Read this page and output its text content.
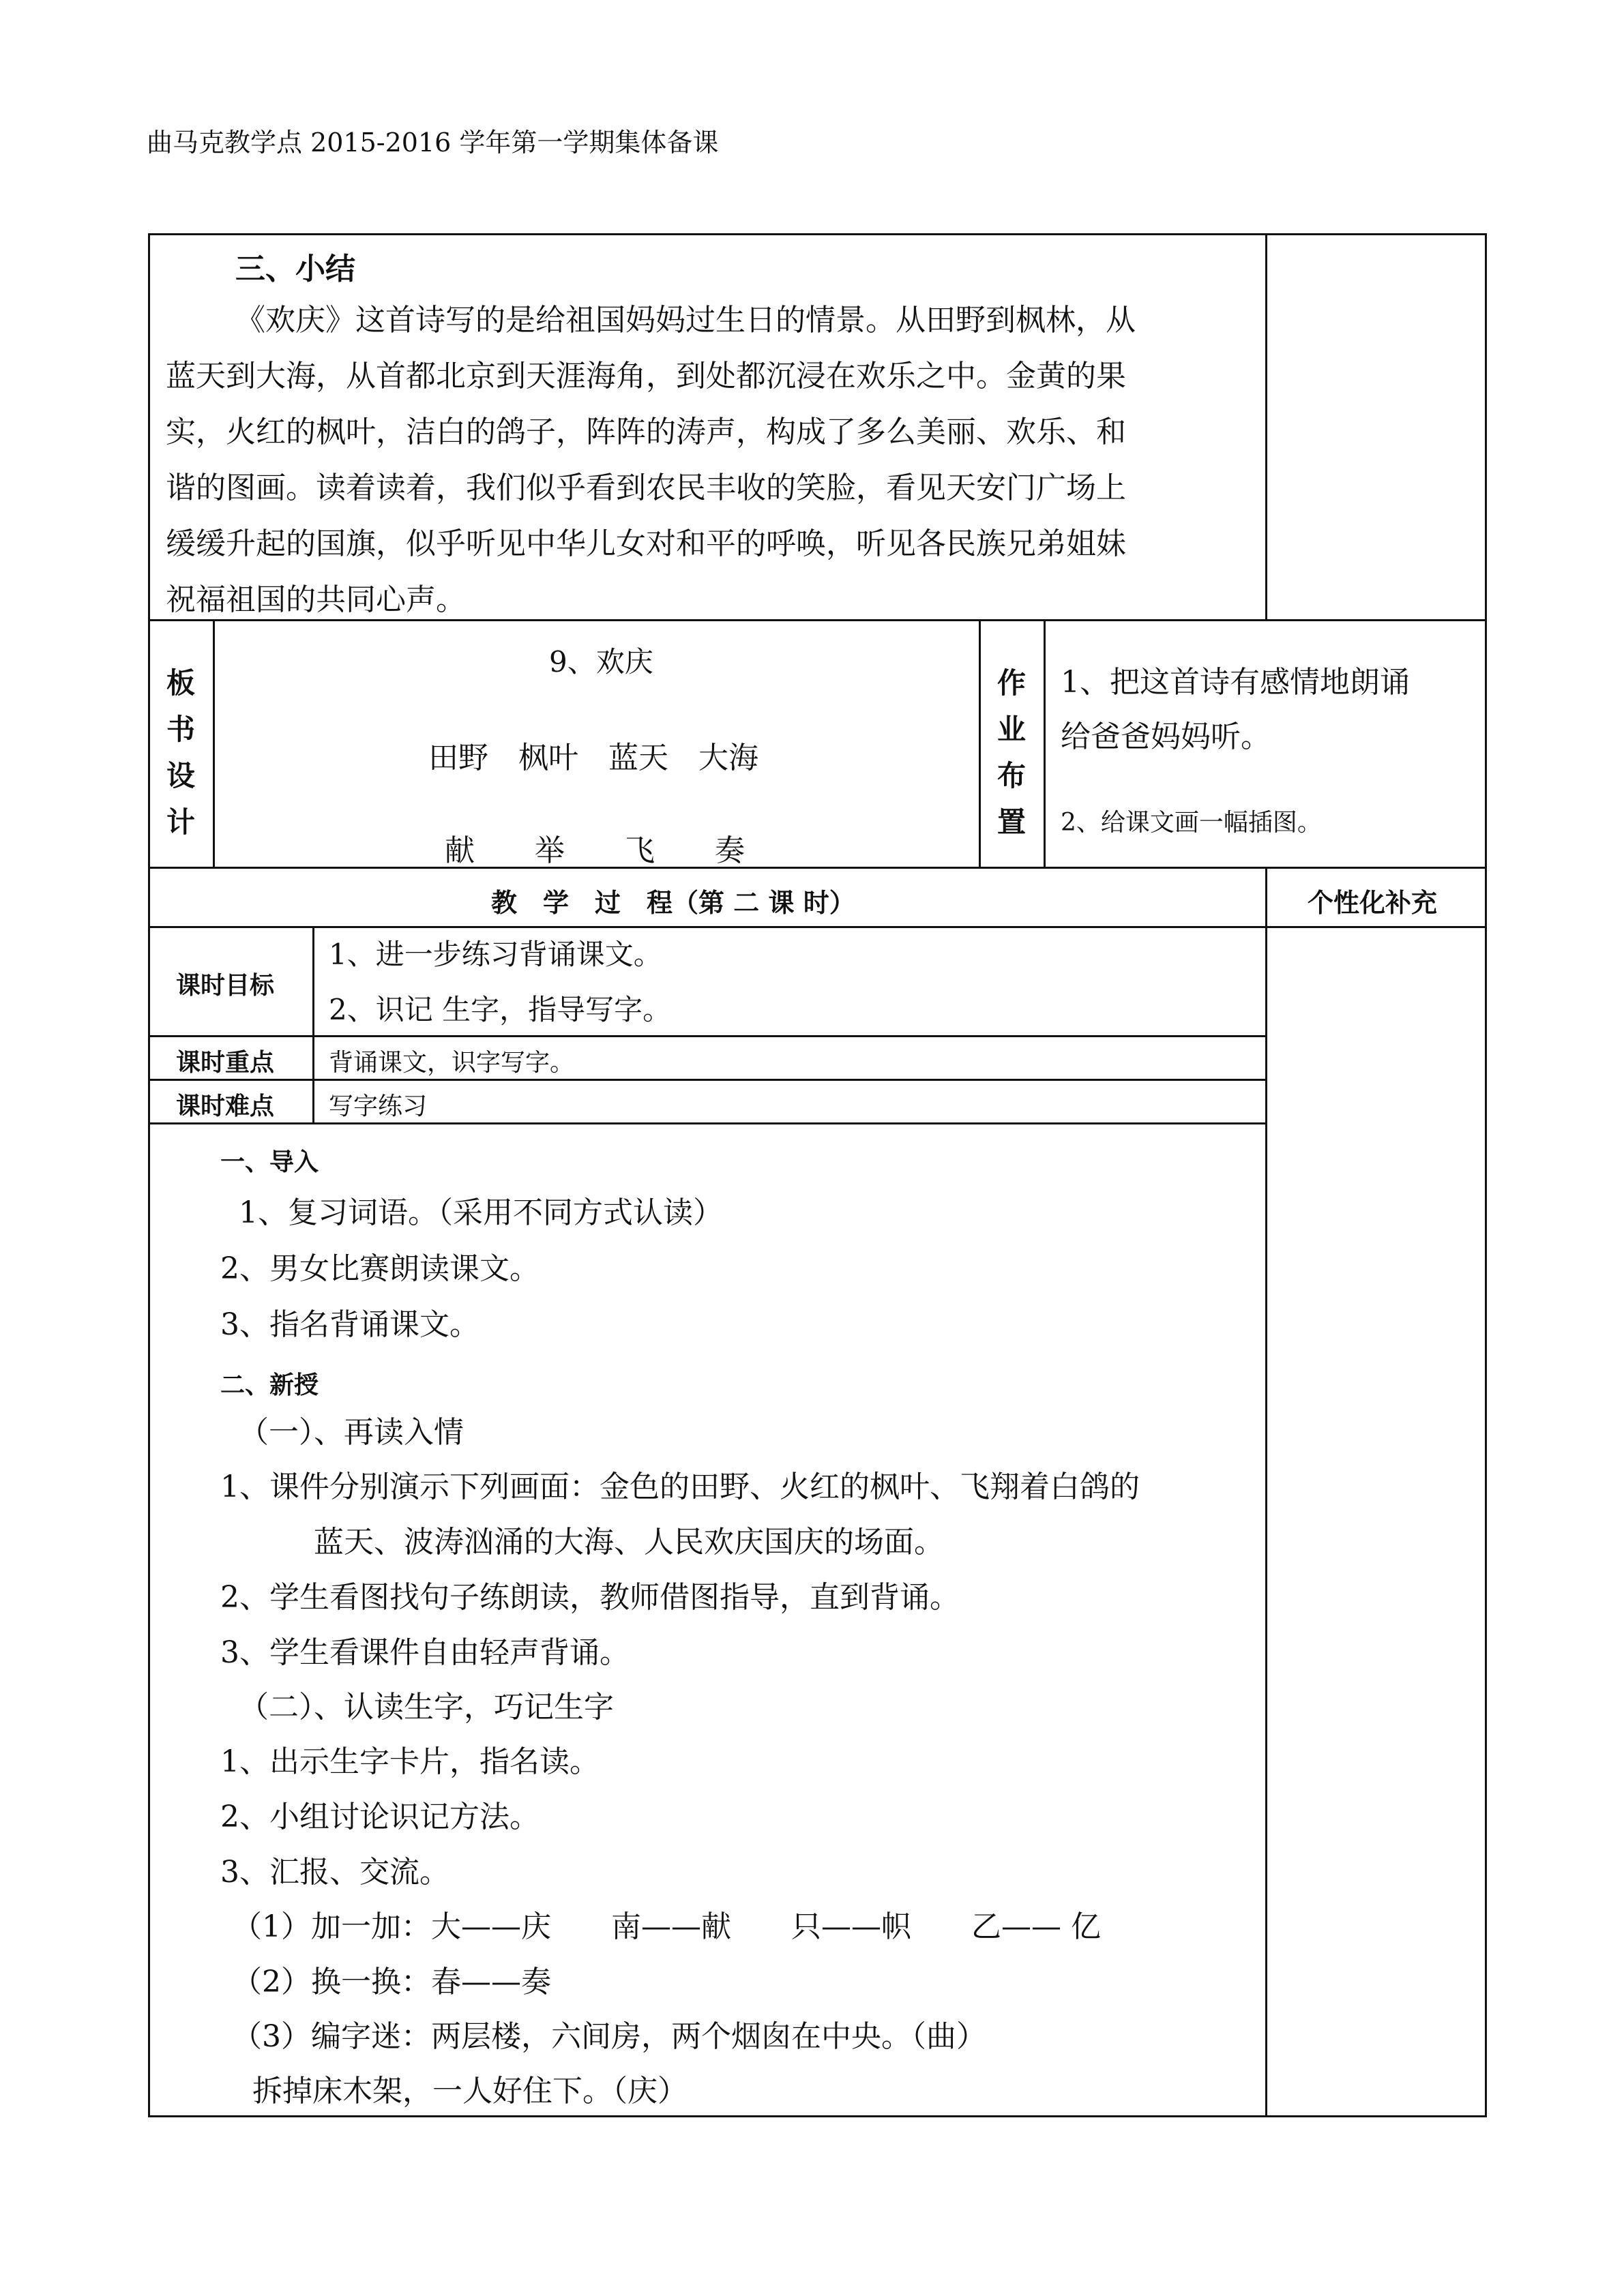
曲马克教学点 2015-2016 学年第一学期集体备课
三、小结
《欢庆》这首诗写的是给祖国妈妈过生日的情景。从田野到枫林，从
蓝天到大海，从首都北京到天涯海角，到处都沉浸在欢乐之中。金黄的果
实，火红的枫叶，洁白的鸽子，阵阵的涛声，构成了多么美丽、欢乐、和
谐的图画。读着读着，我们似乎看到农民丰收的笑脸，看见天安门广场上
缓缓升起的国旗，似乎听见中华儿女对和平的呼唤，听见各民族兄弟姐妹
祝福祖国的共同心声。
板
书
设
计
9、欢庆
田野　枫叶　蓝天　大海
献　　举　　飞　　奏
作
业
布
置
1、把这首诗有感情地朗诵
给爸爸妈妈听。
2、给课文画一幅插图。
教　学　过　程（第 二 课 时）	个性化补充
课时目标
1、进一步练习背诵课文。
2、识记 生字，指导写字。
课时重点 背诵课文，识字写字。
课时难点 写字练习
一、导入
1、复习词语。（采用不同方式认读）
2、男女比赛朗读课文。
3、指名背诵课文。
二、新授
（一）、再读入情
1、课件分别演示下列画面：金色的田野、火红的枫叶、飞翔着白鸽的
蓝天、波涛汹涌的大海、人民欢庆国庆的场面。
2、学生看图找句子练朗读，教师借图指导，直到背诵。
3、学生看课件自由轻声背诵。
（二）、认读生字，巧记生字
1、出示生字卡片，指名读。
2、小组讨论识记方法。
3、汇报、交流。
（1）加一加：大——庆　　南——献　　只——帜　　乙—— 亿
（2）换一换：春——奏
（3）编字迷：两层楼，六间房，两个烟囱在中央。（曲）
拆掉床木架，一人好住下。（庆）
